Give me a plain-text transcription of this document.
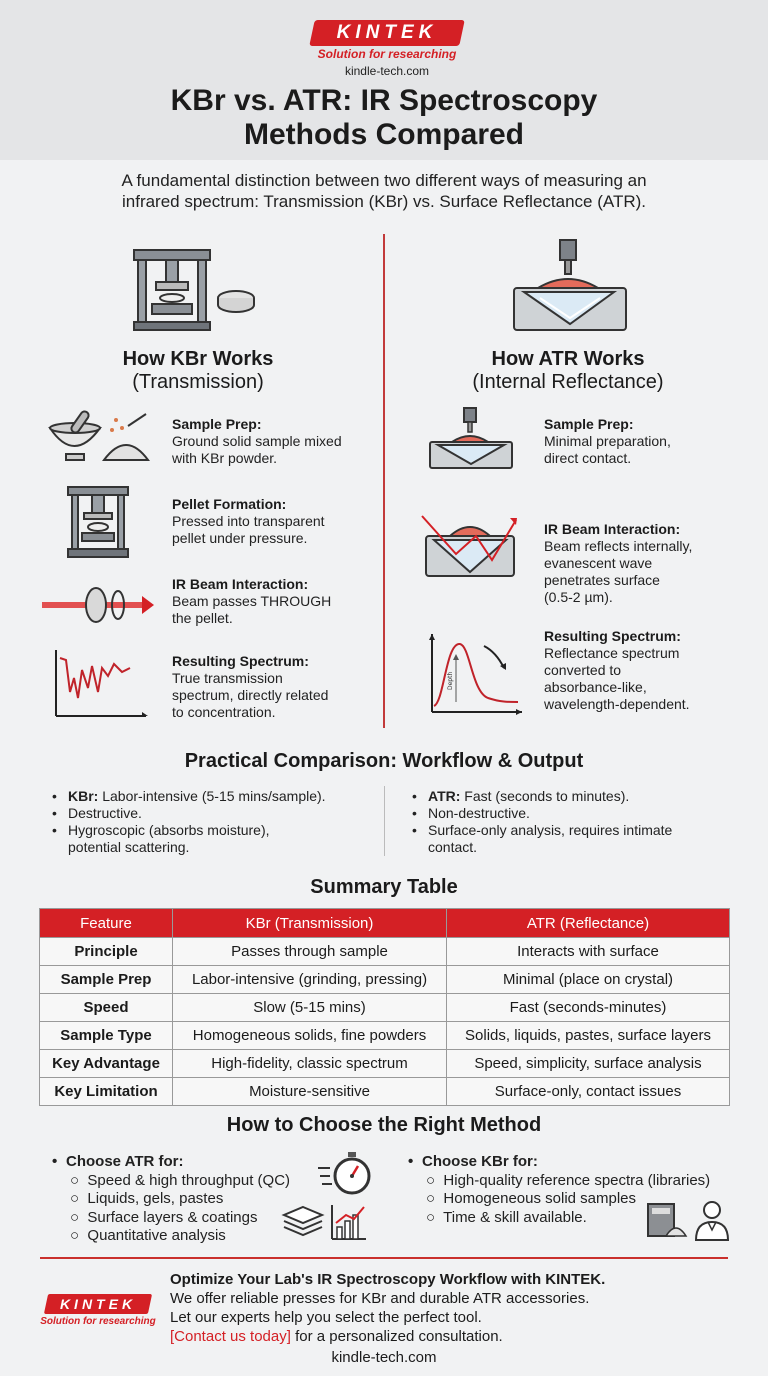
KINTEK
Solution for researching
kindle-tech.com
KBr vs. ATR: IR Spectroscopy
Methods Compared
A fundamental distinction between two different ways of measuring an
infrared spectrum: Transmission (KBr) vs. Surface Reflectance (ATR).
How KBr Works
(Transmission)
How ATR Works
(Internal Reflectance)
Sample Prep:
Ground solid sample mixed
with KBr powder.
Pellet Formation:
Pressed into transparent
pellet under pressure.
IR Beam Interaction:
Beam passes THROUGH
the pellet.
Resulting Spectrum:
True transmission
spectrum, directly related
to concentration.
Depth
Sample Prep:
Minimal preparation,
direct contact.
IR Beam Interaction:
Beam reflects internally,
evanescent wave
penetrates surface
(0.5-2 µm).
Resulting Spectrum:
Reflectance spectrum
converted to
absorbance-like,
wavelength-dependent.
Practical Comparison: Workflow & Output
• KBr: Labor-intensive (5-15 mins/sample).
• Destructive.
• Hygroscopic (absorbs moisture),
potential scattering.
• ATR: Fast (seconds to minutes).
• Non-destructive.
• Surface-only analysis, requires intimate
contact.
Summary Table
Feature	KBr (Transmission)	ATR (Reflectance)
Principle	Passes through sample	Interacts with surface
Sample Prep	Labor-intensive (grinding, pressing)	Minimal (place on crystal)
Speed	Slow (5-15 mins)	Fast (seconds-minutes)
Sample Type	Homogeneous solids, fine powders	Solids, liquids, pastes, surface layers
Key Advantage	High-fidelity, classic spectrum	Speed, simplicity, surface analysis
Key Limitation	Moisture-sensitive	Surface-only, contact issues
How to Choose the Right Method
• Choose ATR for:
○  Speed & high throughput (QC)
○  Liquids, gels, pastes
○  Surface layers & coatings
○  Quantitative analysis
• Choose KBr for:
○  High-quality reference spectra (libraries)
○  Homogeneous solid samples
○  Time & skill available.
KINTEK
Solution for researching
Optimize Your Lab's IR Spectroscopy Workflow with KINTEK.
We offer reliable presses for KBr and durable ATR accessories.
Let our experts help you select the perfect tool.
[Contact us today] for a personalized consultation.
kindle-tech.com
